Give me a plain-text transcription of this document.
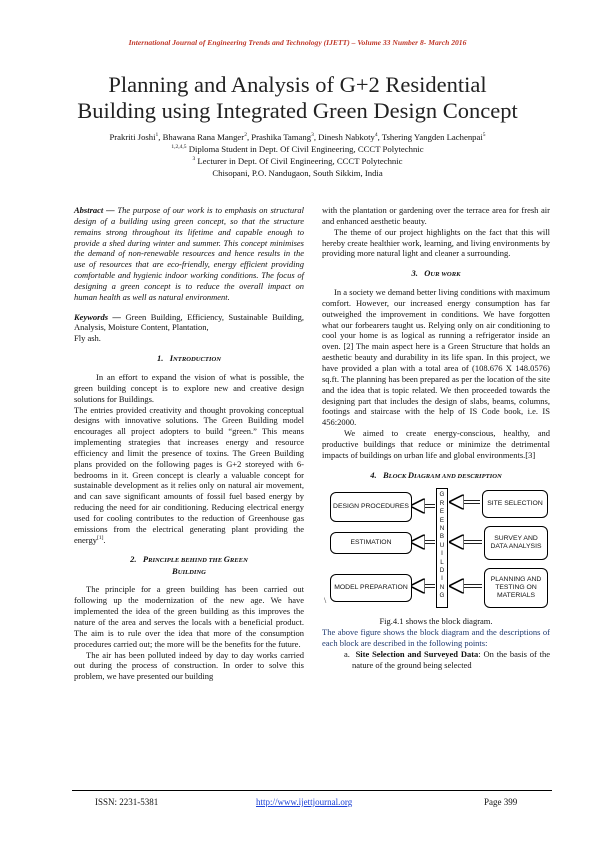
International Journal of Engineering Trends and Technology (IJETT) – Volume 33 Number 8- March 2016
Planning and Analysis of G+2 Residential
Building using Integrated Green Design Concept
Prakriti Joshi$^1$, Bhawana Rana Manger$^2$, Prashika Tamang$^3$, Dinesh Nabkoty$^4$, Tshering Yangden Lachenpai$^5$
$^{1,2,4,5}$ Diploma Student in Dept. Of Civil Engineering, CCCT Polytechnic
$^3$ Lecturer in Dept. Of Civil Engineering, CCCT Polytechnic
Chisopani, P.O. Nandugaon, South Sikkim, India

Abstract — The purpose of our work is to emphasis on structural design of a building using green concept, so that the structure remains strong throughout its lifetime and capable enough to provide a shed during winter and summer. This concept minimises the demand of non-renewable resources and hence results in the use of resources that are eco-friendly, energy efficient providing comfortable and hygienic indoor working conditions. The focus of designing a green concept is to reduce the overall impact on human health as well as natural environment.

Keywords — Green Building, Efficiency, Sustainable Building, Analysis, Moisture Content, Plantation,
Fly ash.

1. INTRODUCTION

In an effort to expand the vision of what is possible, the green building concept is to explore new and creative design solutions for Buildings.

The entries provided creativity and thought provoking conceptual designs with innovative solutions. The Green Building model encourages all project adopters to build “green.” This means implementing strategies that increases energy and resource efficiency and limit the presence of toxins. The Green Building plans provided on the following pages is G+2 storeyed with 6-bedrooms in it. Green concept is clearly a valuable concept for sustainable development as it relies only on natural air movement, and can save significant amounts of fossil fuel based energy by reducing the need for air conditioning. Reducing electrical energy used for cooling contributes to the reduction of Greenhouse gas emissions from the electrical generating plant providing the energy[1].

2. PRINCIPLE BEHIND THE GREEN
BUILDING

The principle for a green building has been carried out following up the modernization of the new age. We have implemented the idea of the green building as this improves the nature of the area and serves the locals with a beneficial product. The aim is to rule over the idea that more of the consumption procedures carried out; the more will be the benefits for the future.

The air has been polluted indeed by day to day works carried out during the process of construction. In order to solve this problem, we have presented our building

with the plantation or gardening over the terrace area for fresh air and enhanced aesthetic beauty.

The theme of our project highlights on the fact that this will hereby create healthier work, learning, and living environments by providing more natural light and cleaner a surrounding.

3. OUR WORK

In a society we demand better living conditions with maximum comfort. However, our increased energy consumption has far outweighed the improvement in conditions. We have forgotten what our forbearers taught us. Relying only on air conditioning to cool your home is as logical as running a refrigerator inside an oven. [2] The main aspect here is a Green Structure that holds an aesthetic beauty and durability in its life span. In this project, we have provided a plan with a total area of (108.676 X 148.0576) sq.ft. The planning has been prepared as per the location of the site and the idea that is topic related. We then proceeded towards the designing part that includes the design of slabs, beams, columns, footings and staircase with the help of IS Code book, i.e. IS 456:2000.

We aimed to create energy-conscious, healthy, and productive buildings that reduce or minimize the detrimental impacts of buildings on urban life and global environments.[3]

4. BLOCK DIAGRAM AND DESCRIPTION
DESIGN PROCEDURES
ESTIMATION
MODEL PREPARATION
SITE SELECTION
SURVEY AND DATA ANALYSIS
PLANNING AND TESTING ON MATERIALS
G
R
E
E
N
B
U
I
L
D
I
N
G
\

Fig.4.1 shows the block diagram.

The above figure shows the block diagram and the descriptions of each block are described in the following points:

a. Site Selection and Surveyed Data: On the basis of the nature of the ground being selected

ISSN: 2231-5381	http://www.ijettjournal.org	Page 399
